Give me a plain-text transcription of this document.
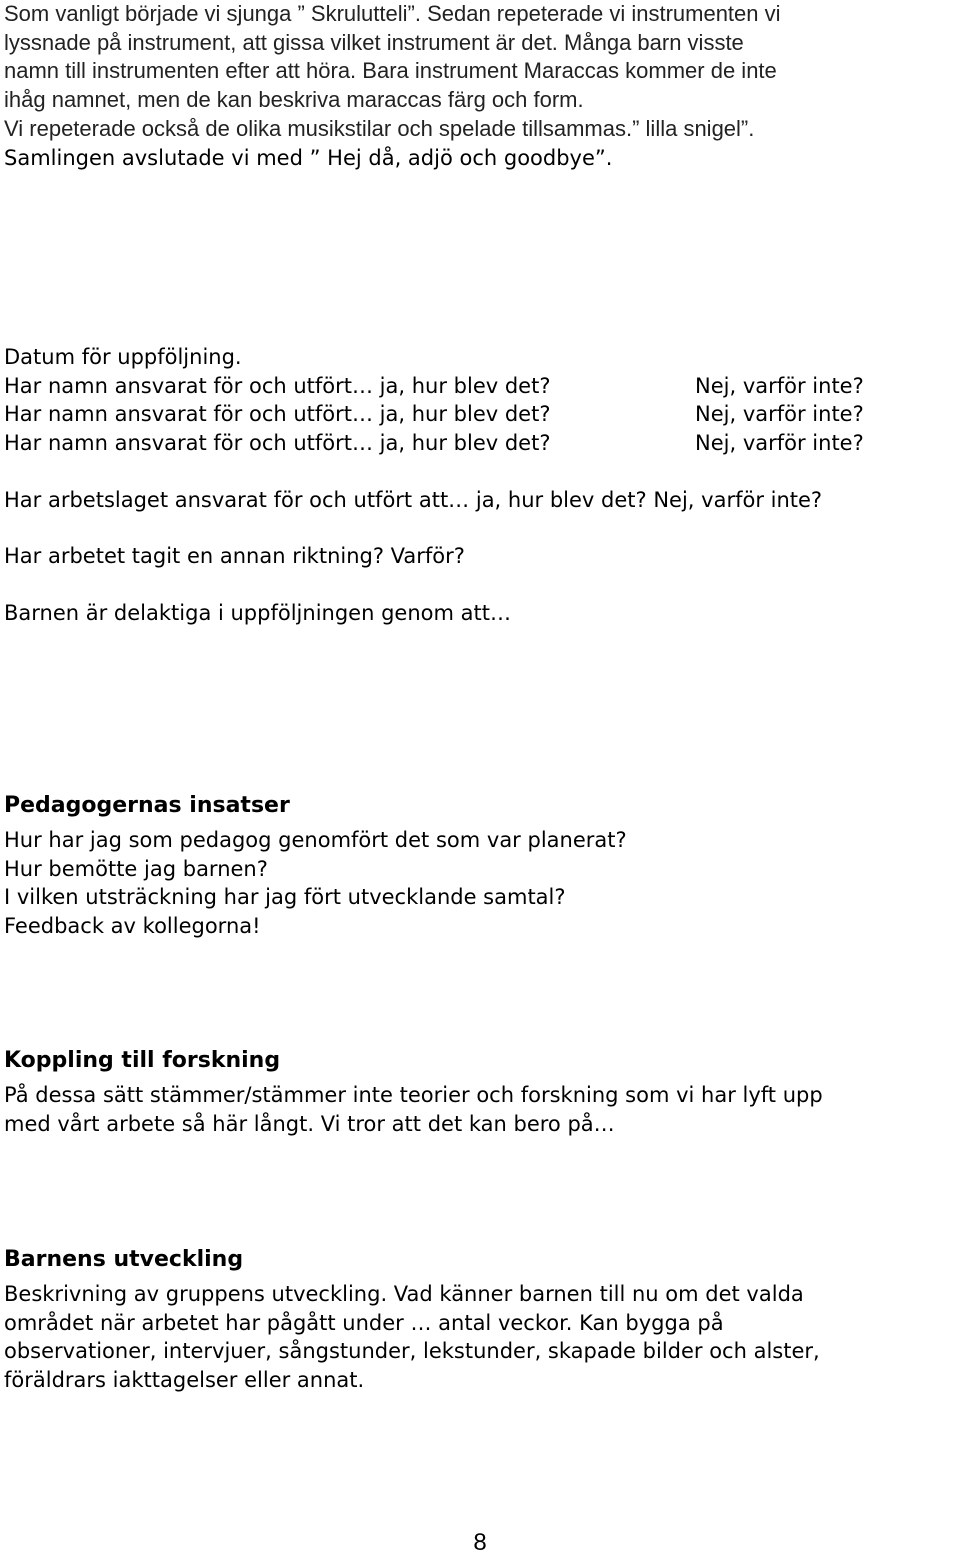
Som vanligt började vi sjunga ” Skrulutteli”. Sedan repeterade vi instrumenten vi
lyssnade på instrument, att gissa vilket instrument är det. Många barn visste
namn till instrumenten efter att höra. Bara instrument Maraccas kommer de inte
ihåg namnet, men de kan beskriva maraccas färg och form.
Vi repeterade också de olika musikstilar och spelade tillsammas.” lilla snigel”.
Samlingen avslutade vi med ” Hej då, adjö och goodbye”.
Datum för uppföljning.
Har namn ansvarat för och utfört… ja, hur blev det?	Nej, varför inte?
Har namn ansvarat för och utfört… ja, hur blev det?	Nej, varför inte?
Har namn ansvarat för och utfört… ja, hur blev det?	Nej, varför inte?
Har arbetslaget ansvarat för och utfört att… ja, hur blev det? Nej, varför inte?
Har arbetet tagit en annan riktning? Varför?
Barnen är delaktiga i uppföljningen genom att…
Pedagogernas insatser
Hur har jag som pedagog genomfört det som var planerat?
Hur bemötte jag barnen?
I vilken utsträckning har jag fört utvecklande samtal?
Feedback av kollegorna!
Koppling till forskning
På dessa sätt stämmer/stämmer inte teorier och forskning som vi har lyft upp
med vårt arbete så här långt. Vi tror att det kan bero på…
Barnens utveckling
Beskrivning av gruppens utveckling. Vad känner barnen till nu om det valda
området när arbetet har pågått under … antal veckor. Kan bygga på
observationer, intervjuer, sångstunder, lekstunder, skapade bilder och alster,
föräldrars iakttagelser eller annat.
8
